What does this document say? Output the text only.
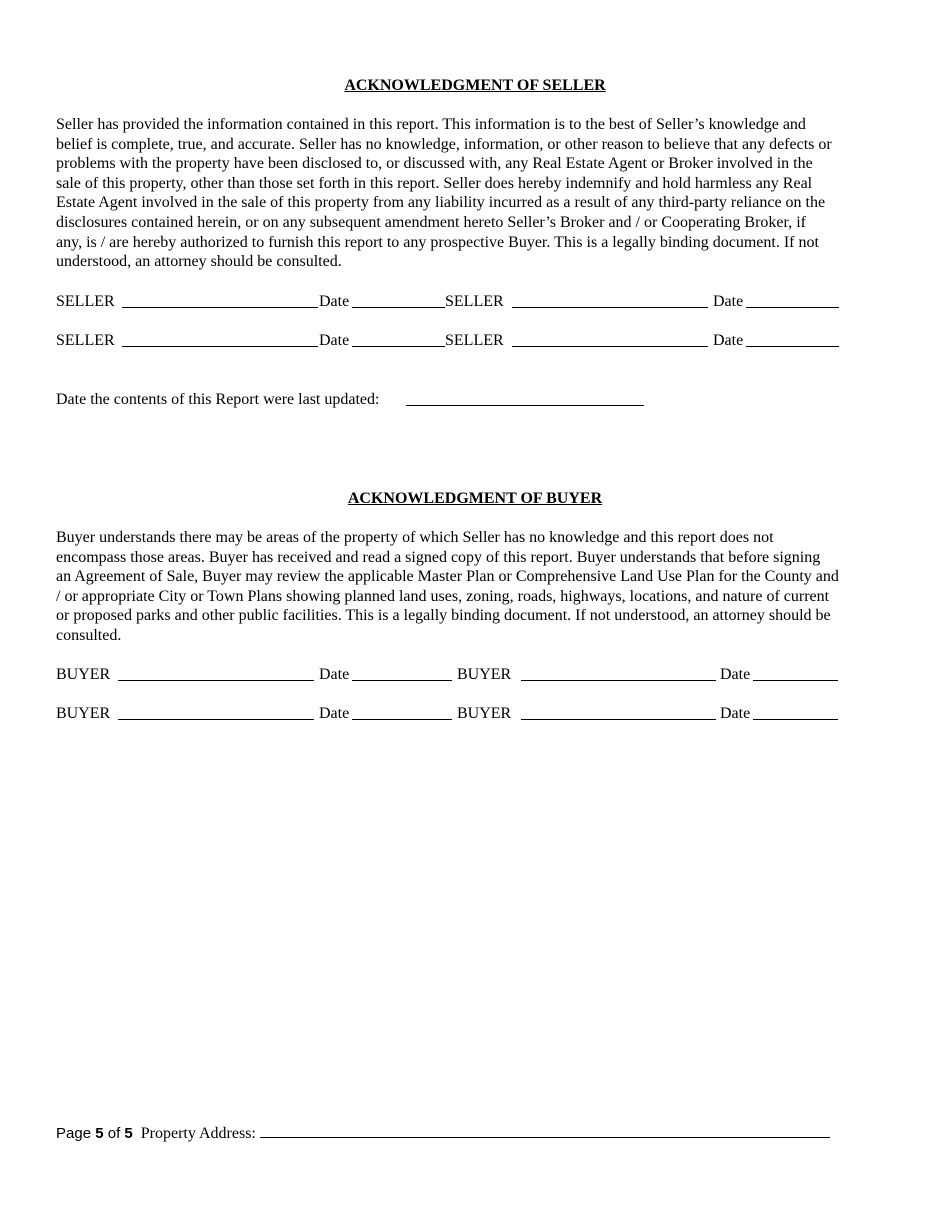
ACKNOWLEDGMENT OF SELLER
Seller has provided the information contained in this report. This information is to the best of Seller’s knowledge and
belief is complete, true, and accurate. Seller has no knowledge, information, or other reason to believe that any defects or
problems with the property have been disclosed to, or discussed with, any Real Estate Agent or Broker involved in the
sale of this property, other than those set forth in this report. Seller does hereby indemnify and hold harmless any Real
Estate Agent involved in the sale of this property from any liability incurred as a result of any third-party reliance on the
disclosures contained herein, or on any subsequent amendment hereto Seller’s Broker and / or Cooperating Broker, if
any, is / are hereby authorized to furnish this report to any prospective Buyer. This is a legally binding document. If not
understood, an attorney should be consulted.
SELLER	Date	SELLER	Date
SELLER	Date	SELLER	Date
Date the contents of this Report were last updated:
ACKNOWLEDGMENT OF BUYER
Buyer understands there may be areas of the property of which Seller has no knowledge and this report does not
encompass those areas. Buyer has received and read a signed copy of this report. Buyer understands that before signing
an Agreement of Sale, Buyer may review the applicable Master Plan or Comprehensive Land Use Plan for the County and
/ or appropriate City or Town Plans showing planned land uses, zoning, roads, highways, locations, and nature of current
or proposed parks and other public facilities. This is a legally binding document. If not understood, an attorney should be
consulted.
BUYER	Date	BUYER	Date
BUYER	Date	BUYER	Date
Page 5 of 5 Property Address:
